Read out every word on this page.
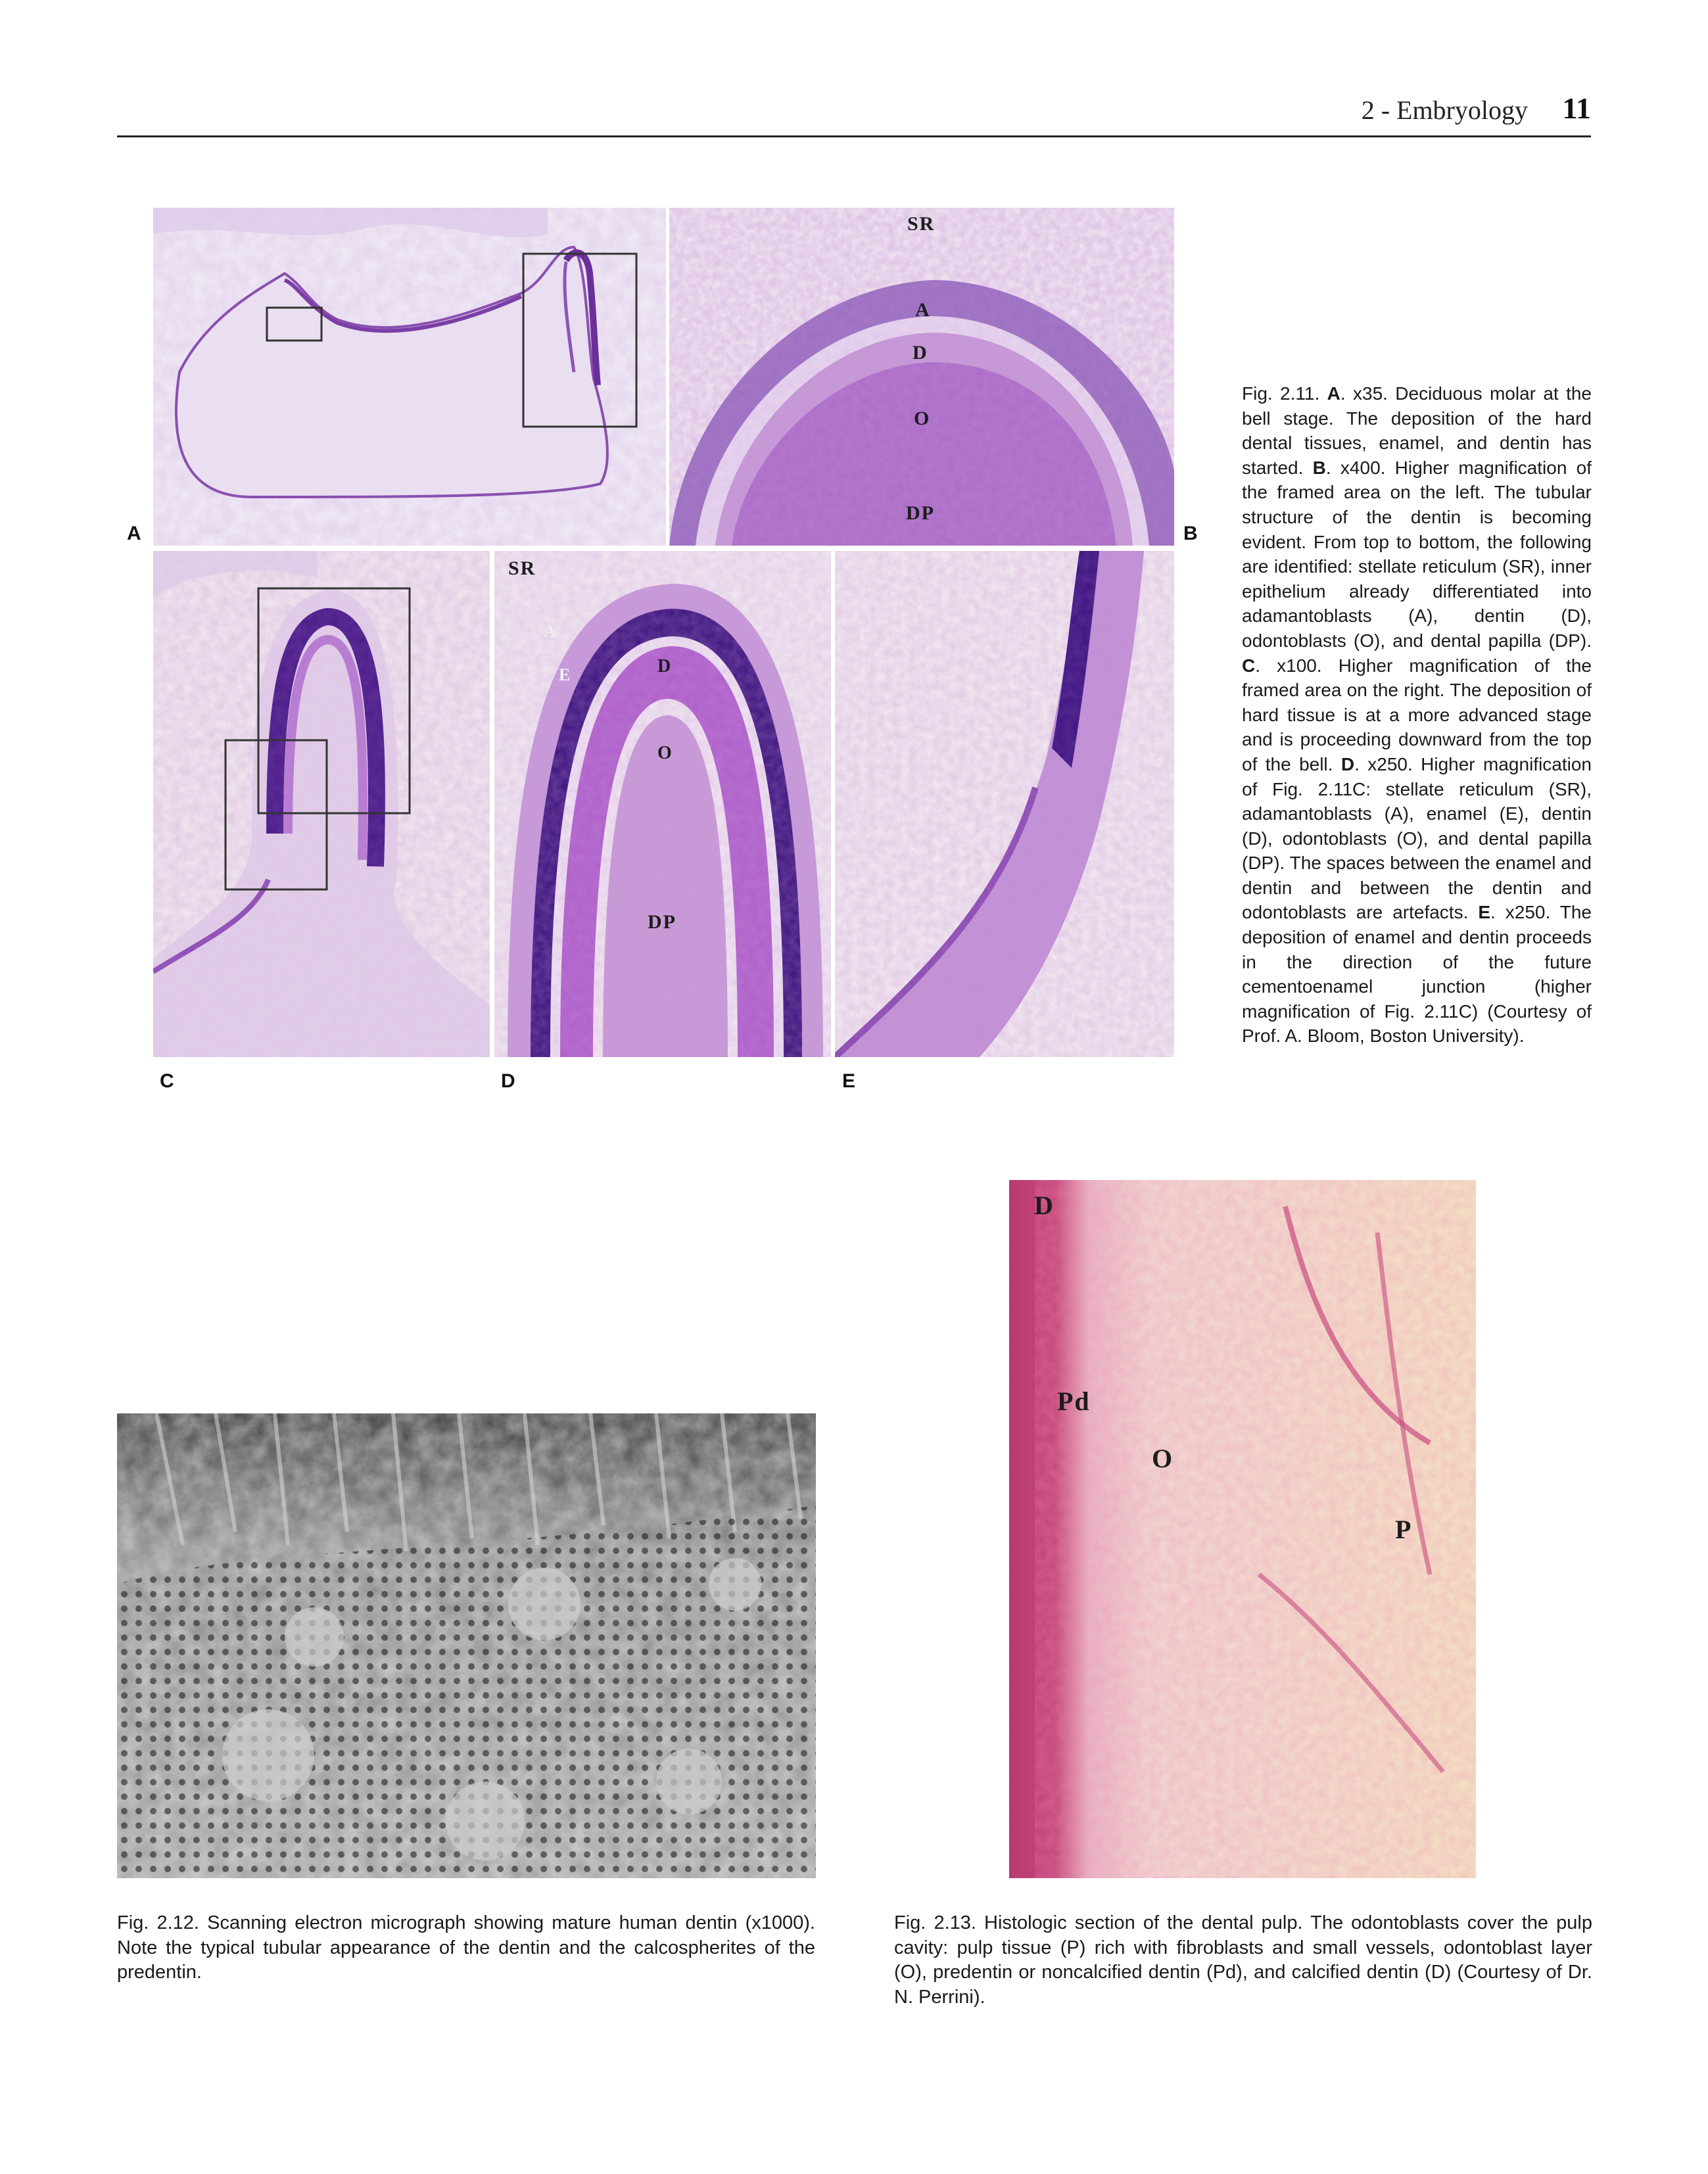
2 - Embryology 11
A
SR
A
D
O
DP
B
C
SR
A
E	D
O
DP
D	E
Fig. 2.11. A. x35. Deciduous molar at the bell stage. The deposition of the hard dental tissues, enamel, and dentin has started. B. x400. Higher magnification of the framed area on the left. The tubular structure of the dentin is becoming evident. From top to bottom, the following are identified: stellate reticulum (SR), inner epithelium already differentiated into adamantoblasts (A), dentin (D), odontoblasts (O), and dental papilla (DP). C. x100. Higher magnification of the framed area on the right. The deposition of hard tissue is at a more advanced stage and is proceeding downward from the top of the bell. D. x250. Higher magnification of Fig. 2.11C: stellate reticulum (SR), adamantoblasts (A), enamel (E), dentin (D), odontoblasts (O), and dental papilla (DP). The spaces between the enamel and dentin and between the dentin and odontoblasts are artefacts. E. x250. The deposition of enamel and dentin proceeds in the direction of the future cementoenamel junction (higher magnification of Fig. 2.11C) (Courtesy of Prof. A. Bloom, Boston University).
D
Pd
O
P
Fig. 2.12. Scanning electron micrograph showing mature human dentin (x1000). Note the typical tubular appearance of the dentin and the calcospherites of the predentin.
Fig. 2.13. Histologic section of the dental pulp. The odontoblasts cover the pulp cavity: pulp tissue (P) rich with fibroblasts and small vessels, odontoblast layer (O), predentin or noncalcified dentin (Pd), and calcified dentin (D) (Courtesy of Dr. N. Perrini).
